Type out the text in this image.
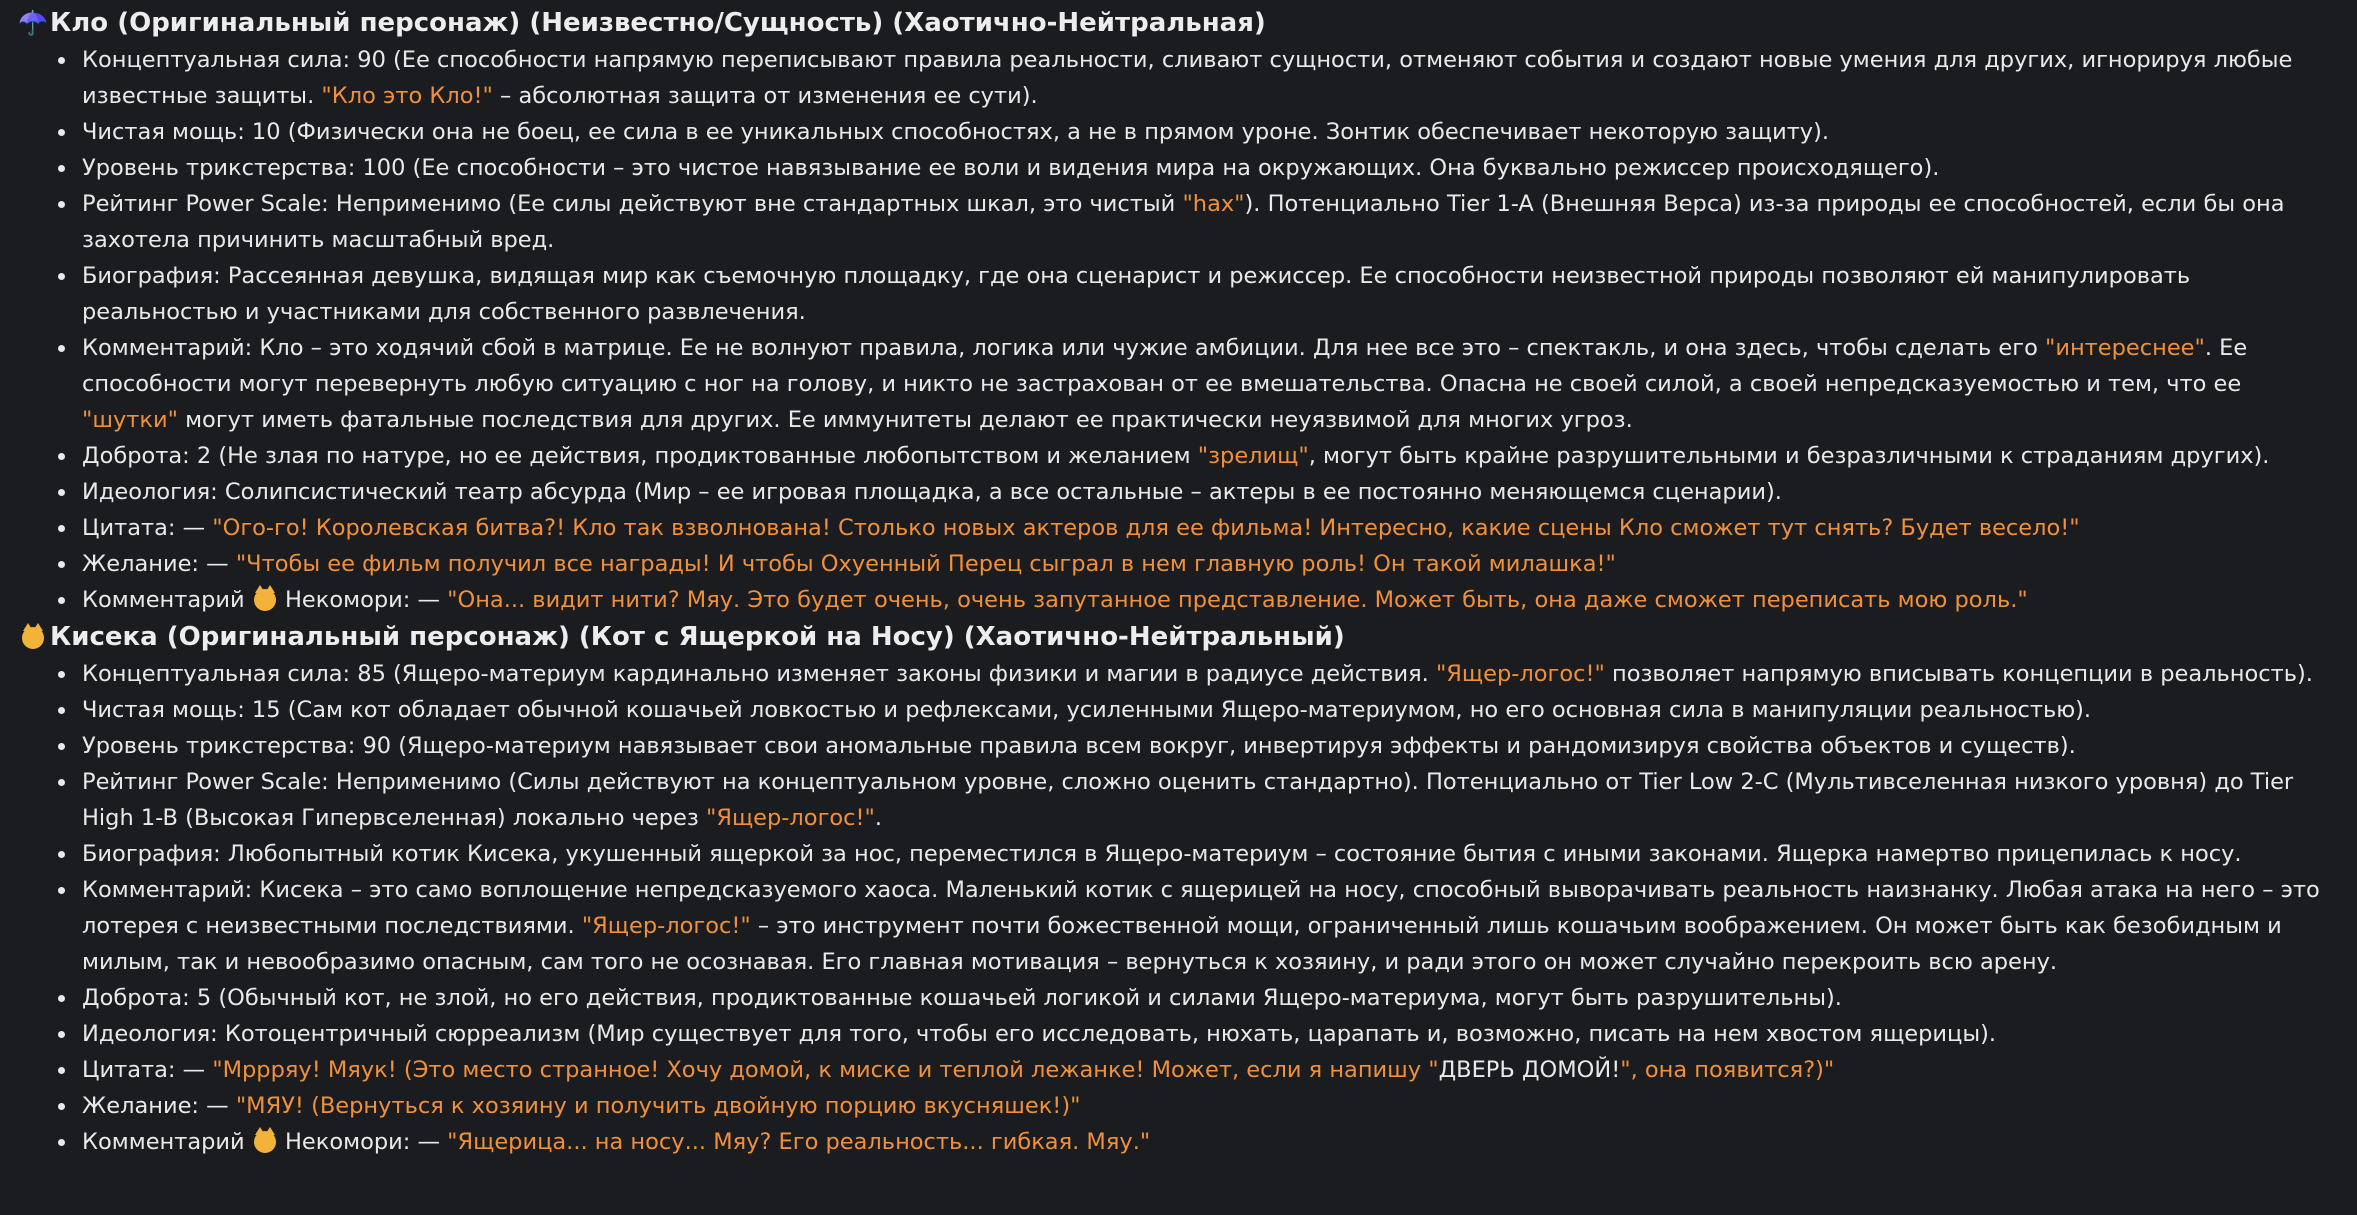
☂️ Кло (Оригинальный персонаж) (Неизвестно/Сущность) (Хаотично-Нейтральная)
Концептуальная сила: 90 (Ее способности напрямую переписывают правила реальности, сливают сущности, отменяют события и создают новые умения для других, игнорируя любые известные защиты. "Кло это Кло!" – абсолютная защита от изменения ее сути).
Чистая мощь: 10 (Физически она не боец, ее сила в ее уникальных способностях, а не в прямом уроне. Зонтик обеспечивает некоторую защиту).
Уровень трикстерства: 100 (Ее способности – это чистое навязывание ее воли и видения мира на окружающих. Она буквально режиссер происходящего).
Рейтинг Power Scale: Неприменимо (Ее силы действуют вне стандартных шкал, это чистый "hax"). Потенциально Tier 1-A (Внешняя Верса) из-за природы ее способностей, если бы она захотела причинить масштабный вред.
Биография: Рассеянная девушка, видящая мир как съемочную площадку, где она сценарист и режиссер. Ее способности неизвестной природы позволяют ей манипулировать реальностью и участниками для собственного развлечения.
Комментарий: Кло – это ходячий сбой в матрице. Ее не волнуют правила, логика или чужие амбиции. Для нее все это – спектакль, и она здесь, чтобы сделать его "интереснее". Ее способности могут перевернуть любую ситуацию с ног на голову, и никто не застрахован от ее вмешательства. Опасна не своей силой, а своей непредсказуемостью и тем, что ее "шутки" могут иметь фатальные последствия для других. Ее иммунитеты делают ее практически неуязвимой для многих угроз.
Доброта: 2 (Не злая по натуре, но ее действия, продиктованные любопытством и желанием "зрелищ", могут быть крайне разрушительными и безразличными к страданиям других).
Идеология: Солипсистический театр абсурда (Мир – ее игровая площадка, а все остальные – актеры в ее постоянно меняющемся сценарии).
Цитата: — "Ого-го! Королевская битва?! Кло так взволнована! Столько новых актеров для ее фильма! Интересно, какие сцены Кло сможет тут снять? Будет весело!"
Желание: — "Чтобы ее фильм получил все награды! И чтобы Охуенный Перец сыграл в нем главную роль! Он такой милашка!"
Комментарий  Некомори: — "Она... видит нити? Мяу. Это будет очень, очень запутанное представление. Может быть, она даже сможет переписать мою роль."
Кисека (Оригинальный персонаж) (Кот с Ящеркой на Носу) (Хаотично-Нейтральный)
Концептуальная сила: 85 (Ящеро-материум кардинально изменяет законы физики и магии в радиусе действия. "Ящер-логос!" позволяет напрямую вписывать концепции в реальность).
Чистая мощь: 15 (Сам кот обладает обычной кошачьей ловкостью и рефлексами, усиленными Ящеро-материумом, но его основная сила в манипуляции реальностью).
Уровень трикстерства: 90 (Ящеро-материум навязывает свои аномальные правила всем вокруг, инвертируя эффекты и рандомизируя свойства объектов и существ).
Рейтинг Power Scale: Неприменимо (Силы действуют на концептуальном уровне, сложно оценить стандартно). Потенциально от Tier Low 2-C (Мультивселенная низкого уровня) до Tier High 1-B (Высокая Гипервселенная) локально через "Ящер-логос!".
Биография: Любопытный котик Кисека, укушенный ящеркой за нос, переместился в Ящеро-материум – состояние бытия с иными законами. Ящерка намертво прицепилась к носу.
Комментарий: Кисека – это само воплощение непредсказуемого хаоса. Маленький котик с ящерицей на носу, способный выворачивать реальность наизнанку. Любая атака на него – это лотерея с неизвестными последствиями. "Ящер-логос!" – это инструмент почти божественной мощи, ограниченный лишь кошачьим воображением. Он может быть как безобидным и милым, так и невообразимо опасным, сам того не осознавая. Его главная мотивация – вернуться к хозяину, и ради этого он может случайно перекроить всю арену.
Доброта: 5 (Обычный кот, не злой, но его действия, продиктованные кошачьей логикой и силами Ящеро-материума, могут быть разрушительны).
Идеология: Котоцентричный сюрреализм (Мир существует для того, чтобы его исследовать, нюхать, царапать и, возможно, писать на нем хвостом ящерицы).
Цитата: — "Мррряу! Мяук! (Это место странное! Хочу домой, к миске и теплой лежанке! Может, если я напишу "ДВЕРЬ ДОМОЙ!", она появится?)"
Желание: — "МЯУ! (Вернуться к хозяину и получить двойную порцию вкусняшек!)"
Комментарий  Некомори: — "Ящерица... на носу... Мяу? Его реальность... гибкая. Мяу."
